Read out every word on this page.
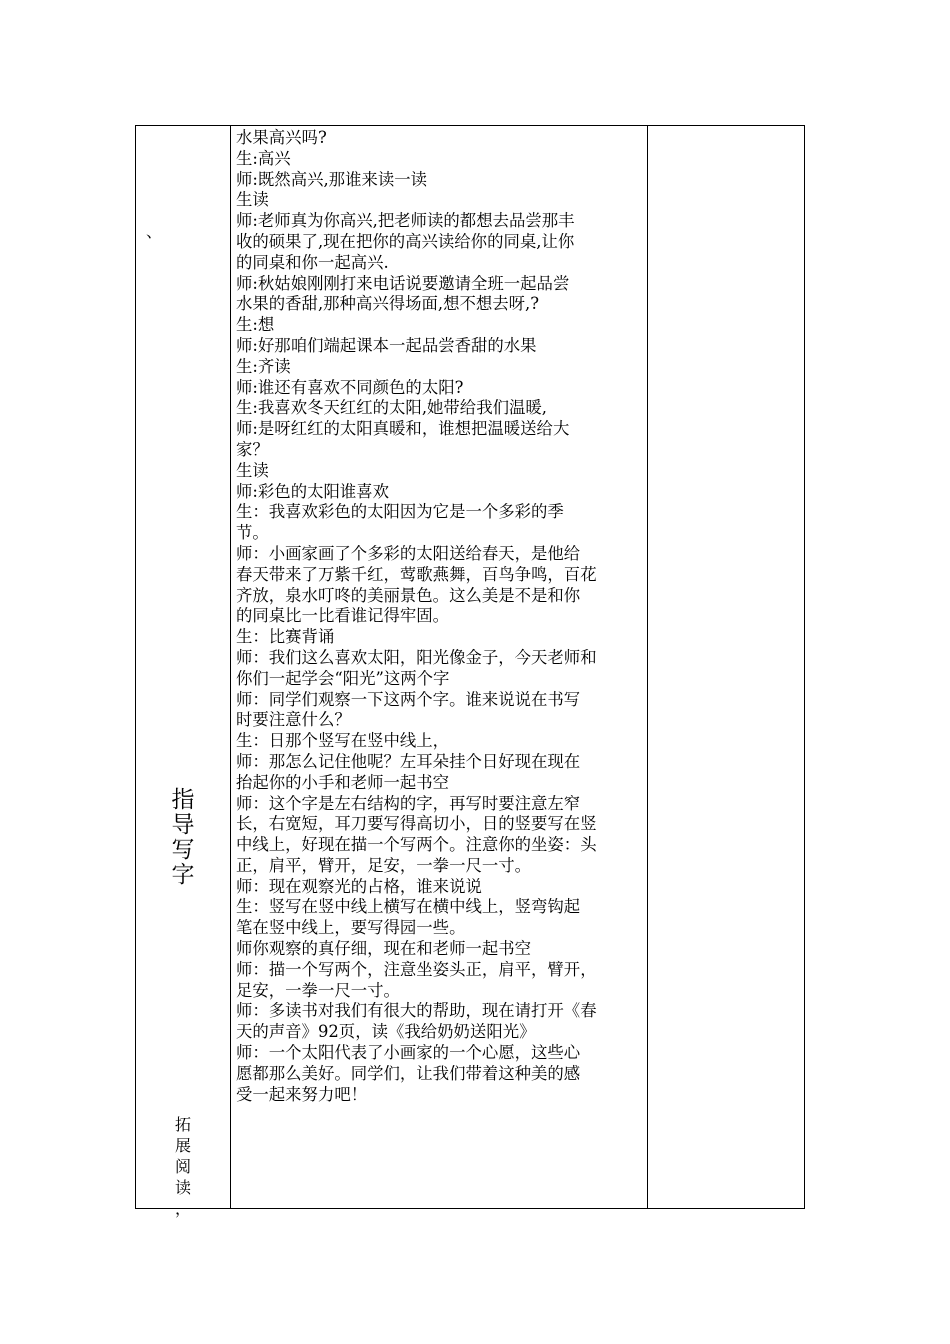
、
指
导
写
字
拓
展
阅
读
，

水果高兴吗?

生:高兴

师:既然高兴,那谁来读一读

生读

师:老师真为你高兴,把老师读的都想去品尝那丰

收的硕果了,现在把你的高兴读给你的同桌,让你

的同桌和你一起高兴.

师:秋姑娘刚刚打来电话说要邀请全班一起品尝

水果的香甜,那种高兴得场面,想不想去呀,?

生:想

师:好那咱们端起课本一起品尝香甜的水果

生:齐读

师:谁还有喜欢不同颜色的太阳?

生:我喜欢冬天红红的太阳,她带给我们温暖,

师:是呀红红的太阳真暖和，谁想把温暖送给大

家？

生读

师:彩色的太阳谁喜欢

生：我喜欢彩色的太阳因为它是一个多彩的季

节。

师：小画家画了个多彩的太阳送给春天，是他给

春天带来了万紫千红，莺歌燕舞，百鸟争鸣，百花

齐放，泉水叮咚的美丽景色。这么美是不是和你

的同桌比一比看谁记得牢固。

生：比赛背诵

师：我们这么喜欢太阳，阳光像金子，今天老师和

你们一起学会“阳光”这两个字

师：同学们观察一下这两个字。谁来说说在书写

时要注意什么？

生：日那个竖写在竖中线上，

师：那怎么记住他呢？左耳朵挂个日好现在现在

抬起你的小手和老师一起书空

师：这个字是左右结构的字，再写时要注意左窄

长，右宽短，耳刀要写得高切小，日的竖要写在竖

中线上，好现在描一个写两个。注意你的坐姿：头

正，肩平，臂开，足安，一拳一尺一寸。

师：现在观察光的占格，谁来说说

生：竖写在竖中线上横写在横中线上，竖弯钩起

笔在竖中线上，要写得园一些。

师你观察的真仔细，现在和老师一起书空

师：描一个写两个，注意坐姿头正，肩平，臂开，

足安，一拳一尺一寸。

师：多读书对我们有很大的帮助，现在请打开《春

天的声音》92页，读《我给奶奶送阳光》

师：一个太阳代表了小画家的一个心愿，这些心

愿都那么美好。同学们，让我们带着这种美的感

受一起来努力吧！
